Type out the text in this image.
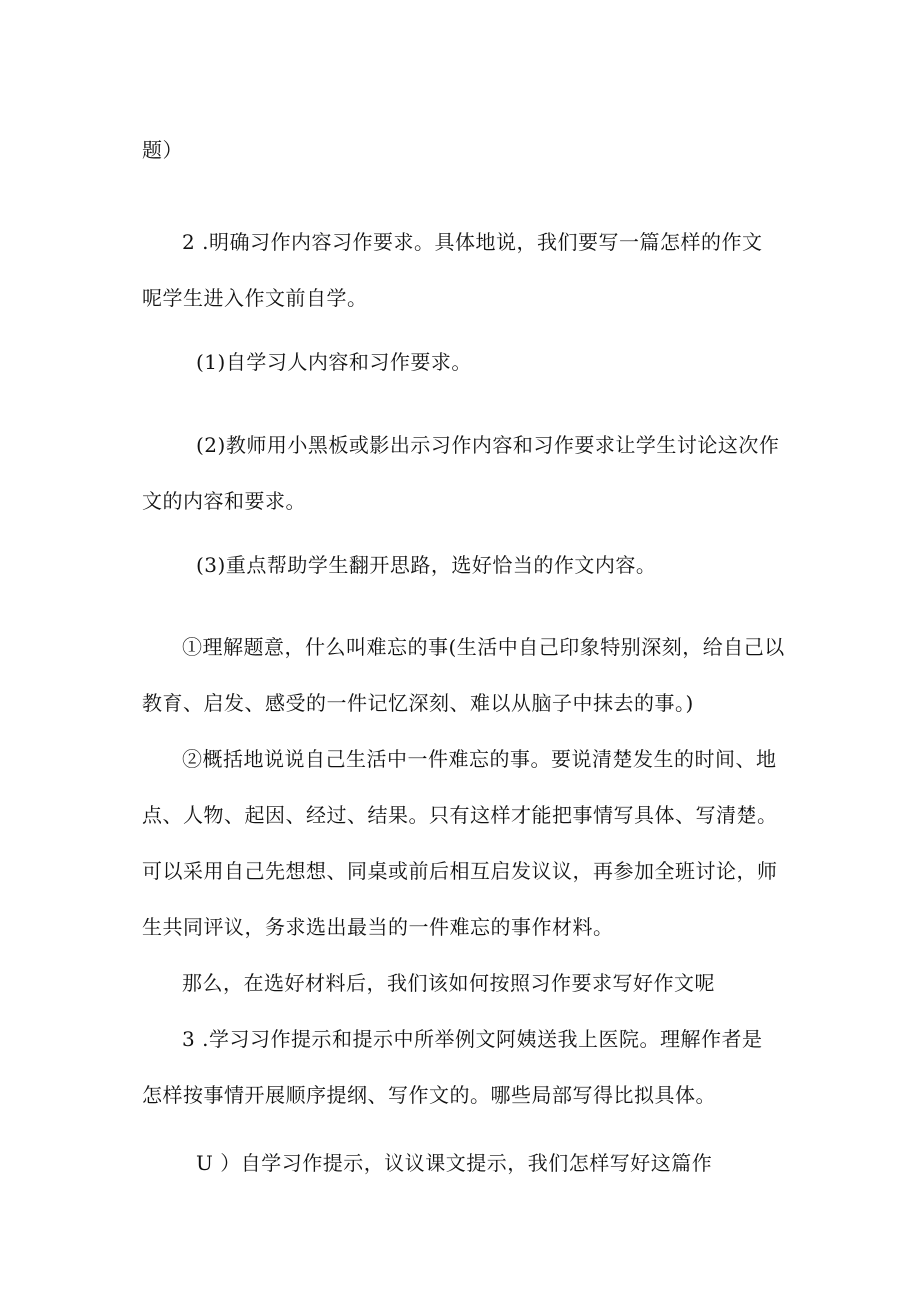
题）
2 .明确习作内容习作要求。具体地说，我们要写一篇怎样的作文
呢学生进入作文前自学。
(1)自学习人内容和习作要求。
(2)教师用小黑板或影出示习作内容和习作要求让学生讨论这次作
文的内容和要求。
(3)重点帮助学生翻开思路，选好恰当的作文内容。
①理解题意，什么叫难忘的事(生活中自己印象特别深刻，给自己以
教育、启发、感受的一件记忆深刻、难以从脑子中抹去的事。)
②概括地说说自己生活中一件难忘的事。要说清楚发生的时间、地
点、人物、起因、经过、结果。只有这样才能把事情写具体、写清楚。
可以采用自己先想想、同桌或前后相互启发议议，再参加全班讨论，师
生共同评议，务求选出最当的一件难忘的事作材料。
那么，在选好材料后，我们该如何按照习作要求写好作文呢
3 .学习习作提示和提示中所举例文阿姨送我上医院。理解作者是
怎样按事情开展顺序提纲、写作文的。哪些局部写得比拟具体。
U ）自学习作提示，议议课文提示，我们怎样写好这篇作
